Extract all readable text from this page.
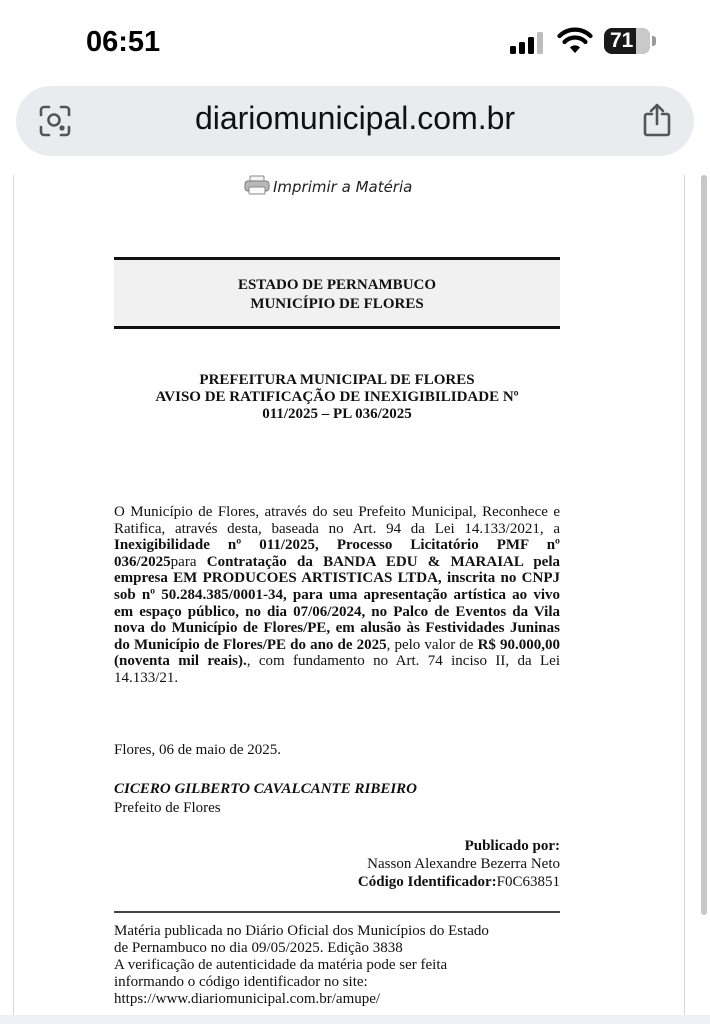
06:51	71
diariomunicipal.com.br
Imprimir a Matéria
ESTADO DE PERNAMBUCO
MUNICÍPIO DE FLORES
PREFEITURA MUNICIPAL DE FLORES
AVISO DE RATIFICAÇÃO DE INEXIGIBILIDADE Nº
011/2025 – PL 036/2025
O Município de Flores, através do seu Prefeito Municipal, Reconhece e Ratifica, através desta, baseada no Art. 94 da Lei 14.133/2021, a Inexigibilidade nº 011/2025, Processo Licitatório PMF nº 036/2025para Contratação da BANDA EDU & MARAIAL pela empresa EM PRODUCOES ARTISTICAS LTDA, inscrita no CNPJ sob nº 50.284.385/0001-34, para uma apresentação artística ao vivo em espaço público, no dia 07/06/2024, no Palco de Eventos da Vila nova do Município de Flores/PE, em alusão às Festividades Juninas do Município de Flores/PE do ano de 2025, pelo valor de R$ 90.000,00 (noventa mil reais)., com fundamento no Art. 74 inciso II, da Lei 14.133/21.
Flores, 06 de maio de 2025.
CICERO GILBERTO CAVALCANTE RIBEIRO
Prefeito de Flores
Publicado por:
Nasson Alexandre Bezerra Neto
Código Identificador:F0C63851
Matéria publicada no Diário Oficial dos Municípios do Estado
de Pernambuco no dia 09/05/2025. Edição 3838
A verificação de autenticidade da matéria pode ser feita
informando o código identificador no site:
https://www.diariomunicipal.com.br/amupe/
